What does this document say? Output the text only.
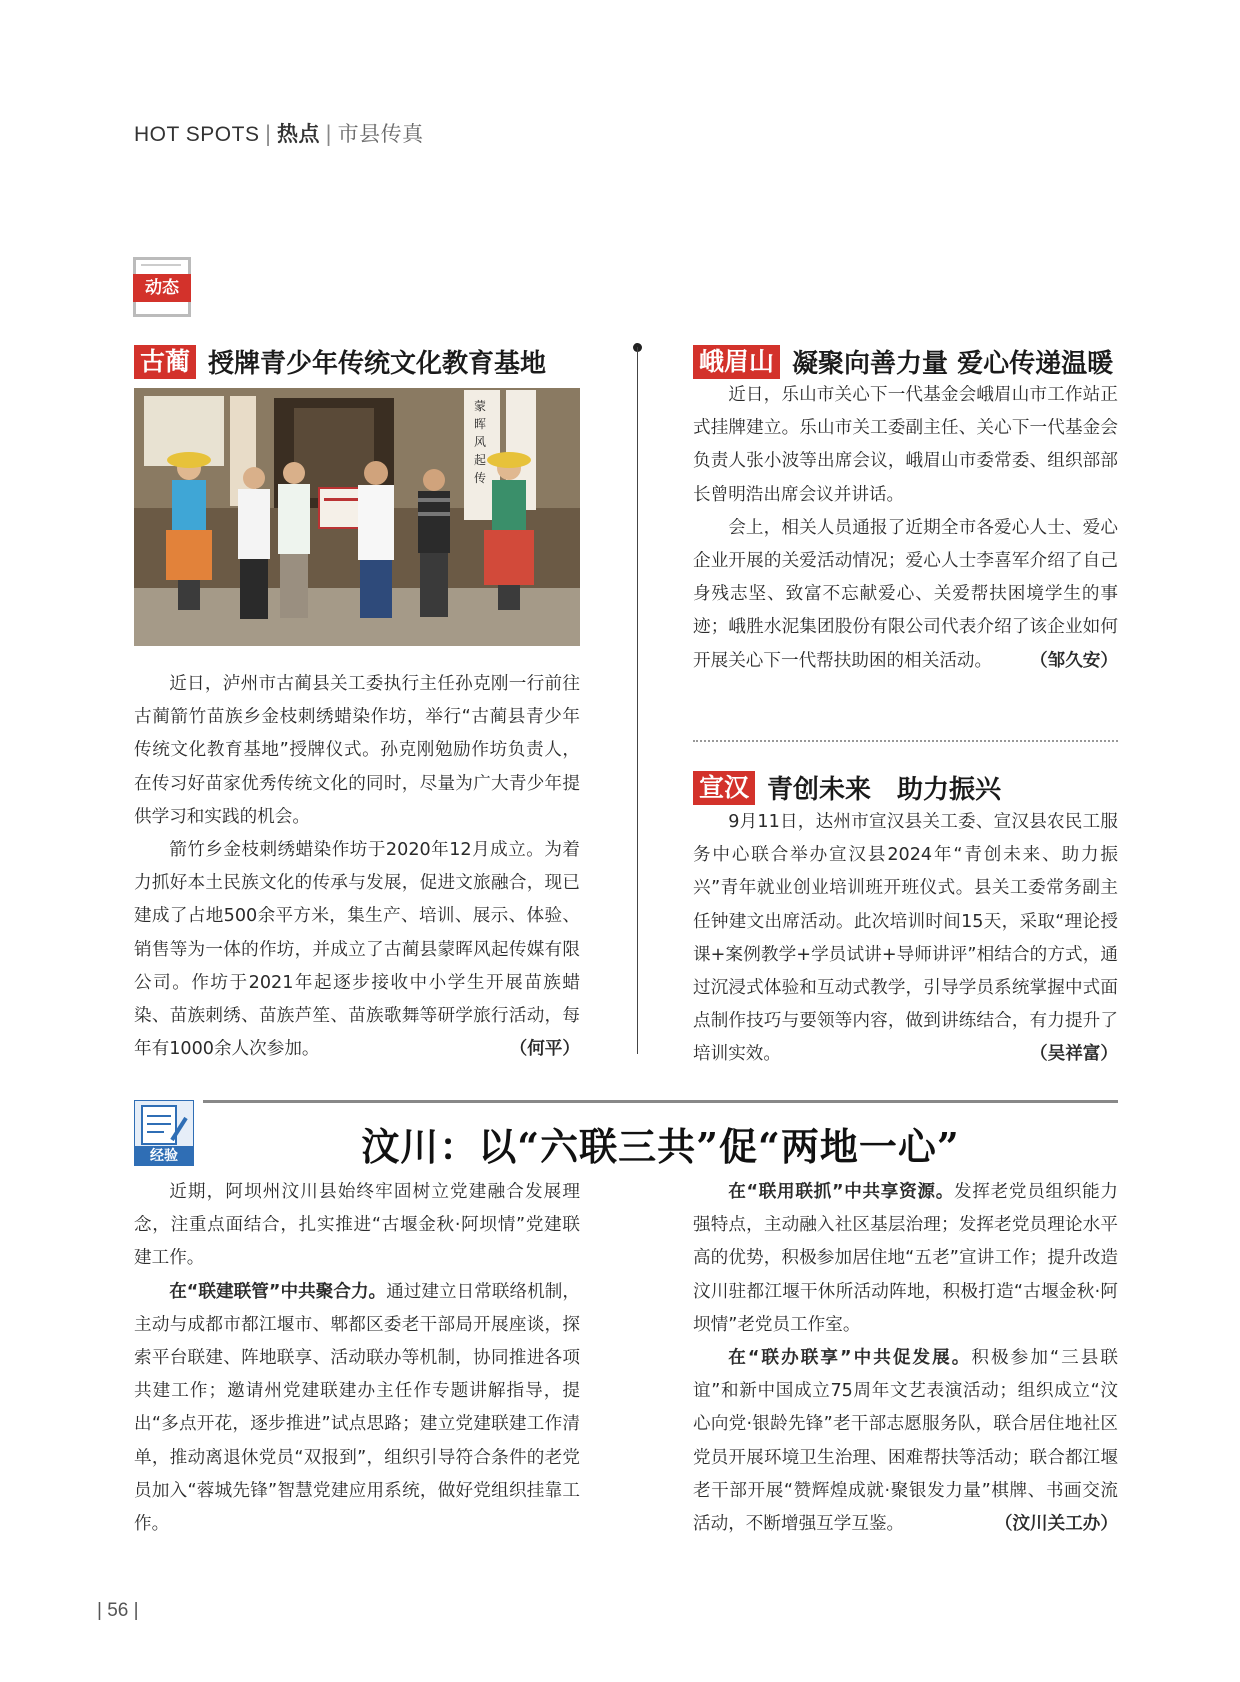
HOT SPOTS | 热点 | 市县传真
动态
古蔺 授牌青少年传统文化教育基地
蒙
晖
风
起
传

近日，泸州市古蔺县关工委执行主任孙克刚一行前往古蔺箭竹苗族乡金枝刺绣蜡染作坊，举行“古蔺县青少年传统文化教育基地”授牌仪式。孙克刚勉励作坊负责人，在传习好苗家优秀传统文化的同时，尽量为广大青少年提供学习和实践的机会。

箭竹乡金枝刺绣蜡染作坊于2020年12月成立。为着力抓好本土民族文化的传承与发展，促进文旅融合，现已建成了占地500余平方米，集生产、培训、展示、体验、销售等为一体的作坊，并成立了古蔺县蒙晖风起传媒有限公司。作坊于2021年起逐步接收中小学生开展苗族蜡染、苗族刺绣、苗族芦笙、苗族歌舞等研学旅行活动，每年有1000余人次参加。	（何平）

峨眉山 凝聚向善力量 爱心传递温暖

近日，乐山市关心下一代基金会峨眉山市工作站正式挂牌建立。乐山市关工委副主任、关心下一代基金会负责人张小波等出席会议，峨眉山市委常委、组织部部长曾明浩出席会议并讲话。

会上，相关人员通报了近期全市各爱心人士、爱心企业开展的关爱活动情况；爱心人士李喜军介绍了自己身残志坚、致富不忘献爱心、关爱帮扶困境学生的事迹；峨胜水泥集团股份有限公司代表介绍了该企业如何开展关心下一代帮扶助困的相关活动。	（邹久安）

宣汉 青创未来　助力振兴

9月11日，达州市宣汉县关工委、宣汉县农民工服务中心联合举办宣汉县2024年“青创未来、助力振兴”青年就业创业培训班开班仪式。县关工委常务副主任钟建文出席活动。此次培训时间15天，采取“理论授课+案例教学+学员试讲+导师讲评”相结合的方式，通过沉浸式体验和互动式教学，引导学员系统掌握中式面点制作技巧与要领等内容，做到讲练结合，有力提升了培训实效。	（吴祥富）

经验	汶川：以“六联三共”促“两地一心”

近期，阿坝州汶川县始终牢固树立党建融合发展理念，注重点面结合，扎实推进“古堰金秋·阿坝情”党建联建工作。

在“联建联管”中共聚合力。通过建立日常联络机制，主动与成都市都江堰市、郫都区委老干部局开展座谈，探索平台联建、阵地联享、活动联办等机制，协同推进各项共建工作；邀请州党建联建办主任作专题讲解指导，提出“多点开花，逐步推进”试点思路；建立党建联建工作清单，推动离退休党员“双报到”，组织引导符合条件的老党员加入“蓉城先锋”智慧党建应用系统，做好党组织挂靠工作。

在“联用联抓”中共享资源。发挥老党员组织能力强特点，主动融入社区基层治理；发挥老党员理论水平高的优势，积极参加居住地“五老”宣讲工作；提升改造汶川驻都江堰干休所活动阵地，积极打造“古堰金秋·阿坝情”老党员工作室。

在“联办联享”中共促发展。积极参加“三县联谊”和新中国成立75周年文艺表演活动；组织成立“汶心向党·银龄先锋”老干部志愿服务队，联合居住地社区党员开展环境卫生治理、困难帮扶等活动；联合都江堰老干部开展“赞辉煌成就·聚银发力量”棋牌、书画交流活动，不断增强互学互鉴。	（汶川关工办）

| 56 |
